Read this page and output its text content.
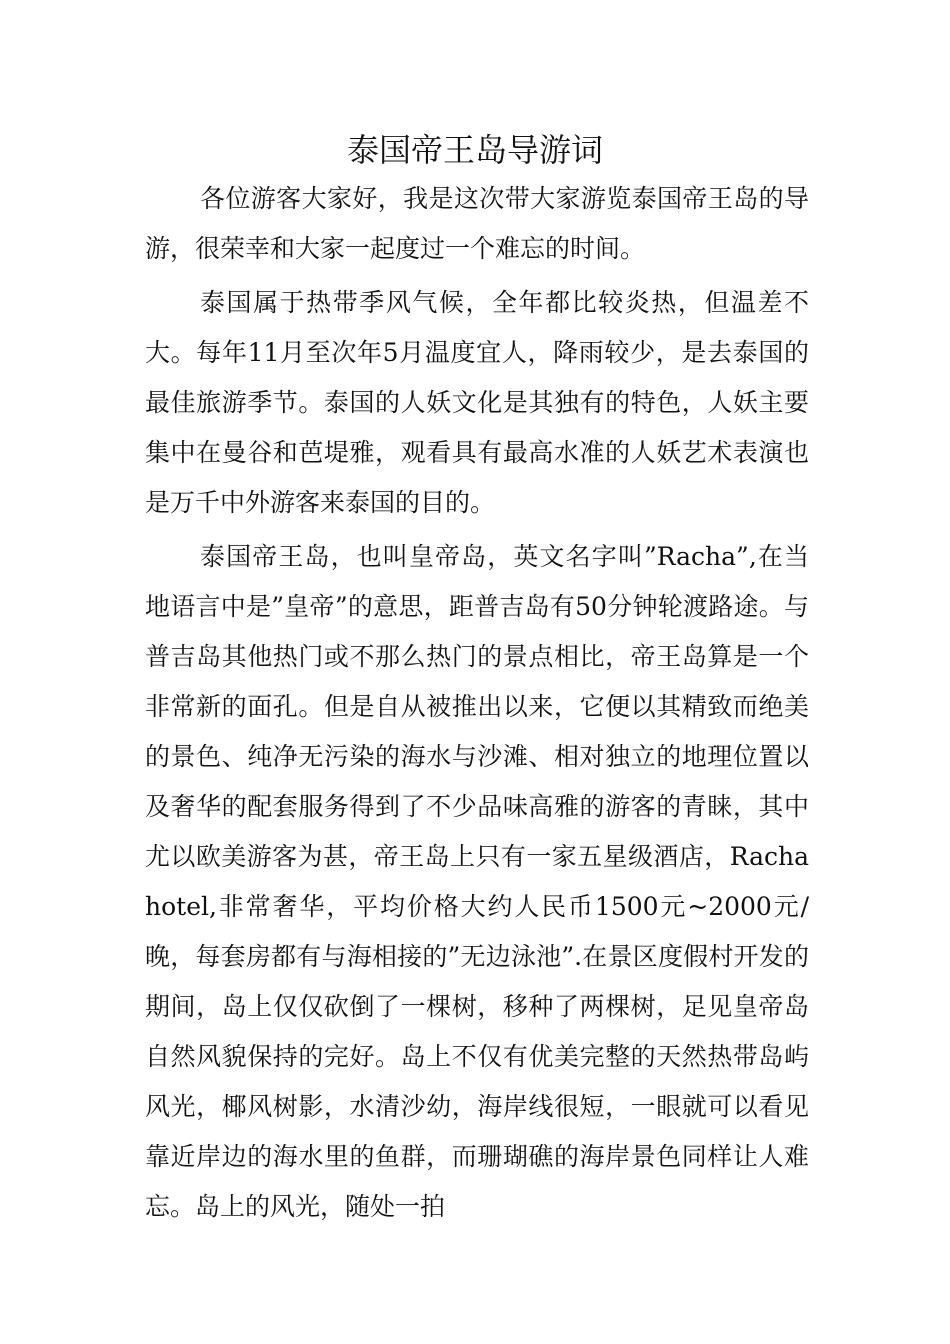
泰国帝王岛导游词

各位游客大家好，我是这次带大家游览泰国帝王岛的导游，很荣幸和大家一起度过一个难忘的时间。

泰国属于热带季风气候，全年都比较炎热，但温差不大。每年11月至次年5月温度宜人，降雨较少，是去泰国的最佳旅游季节。泰国的人妖文化是其独有的特色，人妖主要集中在曼谷和芭堤雅，观看具有最高水准的人妖艺术表演也是万千中外游客来泰国的目的。

泰国帝王岛，也叫皇帝岛，英文名字叫”Racha”,在当地语言中是”皇帝”的意思，距普吉岛有50分钟轮渡路途。与普吉岛其他热门或不那么热门的景点相比，帝王岛算是一个非常新的面孔。但是自从被推出以来，它便以其精致而绝美的景色、纯净无污染的海水与沙滩、相对独立的地理位置以及奢华的配套服务得到了不少品味高雅的游客的青睐，其中尤以欧美游客为甚，帝王岛上只有一家五星级酒店，Racha hotel,非常奢华，平均价格大约人民币1500元~2000元/晚，每套房都有与海相接的”无边泳池”.在景区度假村开发的期间，岛上仅仅砍倒了一棵树，移种了两棵树，足见皇帝岛自然风貌保持的完好。岛上不仅有优美完整的天然热带岛屿风光，椰风树影，水清沙幼，海岸线很短，一眼就可以看见靠近岸边的海水里的鱼群，而珊瑚礁的海岸景色同样让人难忘。岛上的风光，随处一拍
